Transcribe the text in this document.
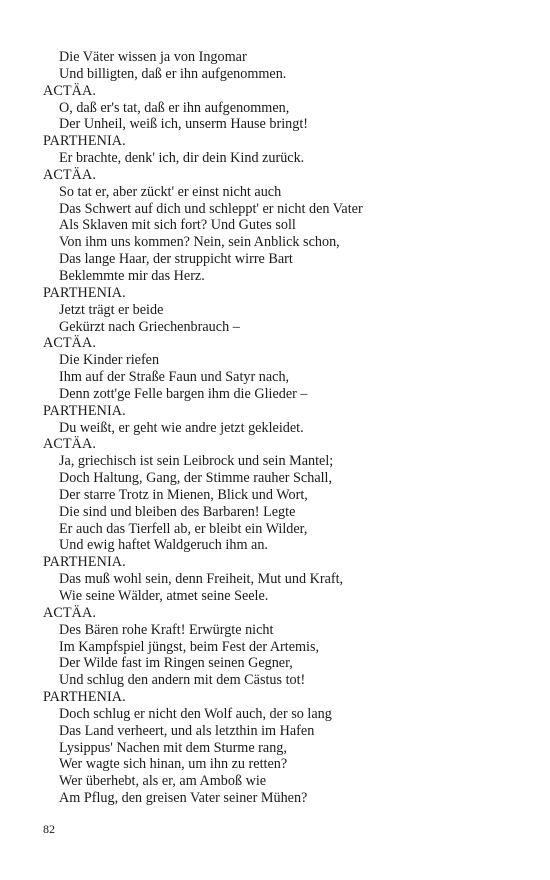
Die Väter wissen ja von Ingomar
Und billigten, daß er ihn aufgenommen.
ACTÄA.
O, daß er's tat, daß er ihn aufgenommen,
Der Unheil, weiß ich, unserm Hause bringt!
PARTHENIA.
Er brachte, denk' ich, dir dein Kind zurück.
ACTÄA.
So tat er, aber zückt' er einst nicht auch
Das Schwert auf dich und schleppt' er nicht den Vater
Als Sklaven mit sich fort? Und Gutes soll
Von ihm uns kommen? Nein, sein Anblick schon,
Das lange Haar, der struppicht wirre Bart
Beklemmte mir das Herz.
PARTHENIA.
Jetzt trägt er beide
Gekürzt nach Griechenbrauch –
ACTÄA.
Die Kinder riefen
Ihm auf der Straße Faun und Satyr nach,
Denn zott'ge Felle bargen ihm die Glieder –
PARTHENIA.
Du weißt, er geht wie andre jetzt gekleidet.
ACTÄA.
Ja, griechisch ist sein Leibrock und sein Mantel;
Doch Haltung, Gang, der Stimme rauher Schall,
Der starre Trotz in Mienen, Blick und Wort,
Die sind und bleiben des Barbaren! Legte
Er auch das Tierfell ab, er bleibt ein Wilder,
Und ewig haftet Waldgeruch ihm an.
PARTHENIA.
Das muß wohl sein, denn Freiheit, Mut und Kraft,
Wie seine Wälder, atmet seine Seele.
ACTÄA.
Des Bären rohe Kraft! Erwürgte nicht
Im Kampfspiel jüngst, beim Fest der Artemis,
Der Wilde fast im Ringen seinen Gegner,
Und schlug den andern mit dem Cästus tot!
PARTHENIA.
Doch schlug er nicht den Wolf auch, der so lang
Das Land verheert, und als letzthin im Hafen
Lysippus' Nachen mit dem Sturme rang,
Wer wagte sich hinan, um ihn zu retten?
Wer überhebt, als er, am Amboß wie
Am Pflug, den greisen Vater seiner Mühen?
82
